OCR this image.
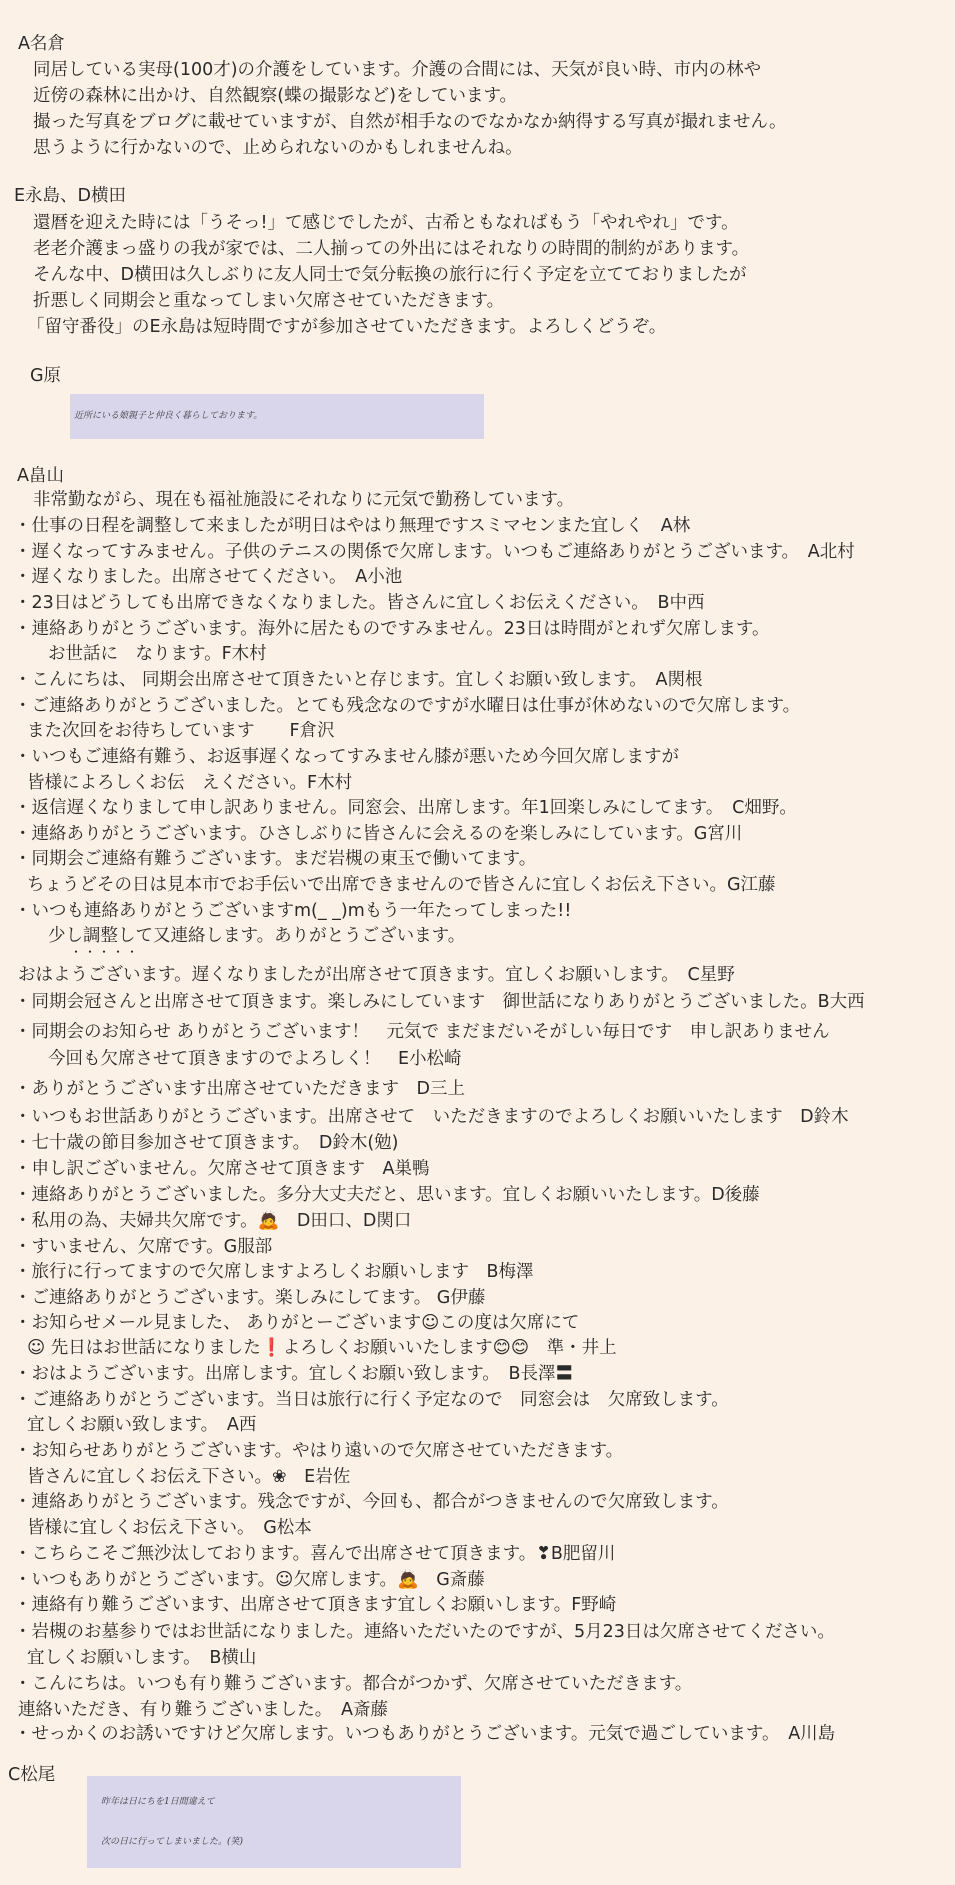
A名倉
同居している実母(100才)の介護をしています。介護の合間には、天気が良い時、市内の林や
近傍の森林に出かけ、自然観察(蝶の撮影など)をしています。
撮った写真をブログに載せていますが、自然が相手なのでなかなか納得する写真が撮れません。
思うように行かないので、止められないのかもしれませんね。
E永島、D横田
還暦を迎えた時には「うそっ!」て感じでしたが、古希ともなればもう「やれやれ」です。
老老介護まっ盛りの我が家では、二人揃っての外出にはそれなりの時間的制約があります。
そんな中、D横田は久しぶりに友人同士で気分転換の旅行に行く予定を立てておりましたが
折悪しく同期会と重なってしまい欠席させていただきます。
「留守番役」のE永島は短時間ですが参加させていただきます。よろしくどうぞ。
G原
近所にいる娘親子と仲良く暮らしております。
A畠山
非常勤ながら、現在も福祉施設にそれなりに元気で勤務しています。
・仕事の日程を調整して来ましたが明日はやはり無理ですスミマセンまた宜しく　A林
・遅くなってすみません。子供のテニスの関係で欠席します。いつもご連絡ありがとうございます。　A北村
・遅くなりました。出席させてください。　A小池
・23日はどうしても出席できなくなりました。皆さんに宜しくお伝えください。　B中西
・連絡ありがとうございます。海外に居たものですみません。23日は時間がとれず欠席します。
お世話に　なります。F木村
・こんにちは、 同期会出席させて頂きたいと存じます。宜しくお願い致します。　A関根
・ご連絡ありがとうございました。とても残念なのですが水曜日は仕事が休めないので欠席します。
また次回をお待ちしています　　F倉沢
・いつもご連絡有難う、お返事遅くなってすみません膝が悪いため今回欠席しますが
皆様によろしくお伝　えください。F木村
・返信遅くなりまして申し訳ありません。同窓会、出席します。年1回楽しみにしてます。　C畑野。
・連絡ありがとうございます。ひさしぶりに皆さんに会えるのを楽しみにしています。G宮川
・同期会ご連絡有難うございます。まだ岩槻の東玉で働いてます。
ちょうどその日は見本市でお手伝いで出席できませんので皆さんに宜しくお伝え下さい。G江藤
・いつも連絡ありがとうございますm(_ _)mもう一年たってしまった!!
少し調整して又連絡します。ありがとうございます。
・・・・・
おはようございます。遅くなりましたが出席させて頂きます。宜しくお願いします。　C星野
・同期会冠さんと出席させて頂きます。楽しみにしています　御世話になりありがとうございました。B大西
・同期会のお知らせ ありがとうございます！　元気で まだまだいそがしい毎日です　申し訳ありません
今回も欠席させて頂きますのでよろしく！　E小松崎
・ありがとうございます出席させていただきます　D三上
・いつもお世話ありがとうございます。出席させて　いただきますのでよろしくお願いいたします　D鈴木
・七十歳の節目参加させて頂きます。　D鈴木(勉)
・申し訳ございません。欠席させて頂きます　A巣鴨
・連絡ありがとうございました。多分大丈夫だと、思います。宜しくお願いいたします。D後藤
・私用の為、夫婦共欠席です。🙇　D田口、D関口
・すいません、欠席です。G服部
・旅行に行ってますので欠席しますよろしくお願いします　B梅澤
・ご連絡ありがとうございます。楽しみにしてます。 G伊藤
・お知らせメール見ました、 ありがとーございます☺この度は欠席にて
☺ 先日はお世話になりました❗よろしくお願いいたします😊😊　準・井上
・おはようございます。出席します。宜しくお願い致します。　B長澤〓
・ご連絡ありがとうございます。当日は旅行に行く予定なので　同窓会は　欠席致します。
宜しくお願い致します。　A西
・お知らせありがとうございます。やはり遠いので欠席させていただきます。
皆さんに宜しくお伝え下さい。❀　E岩佐
・連絡ありがとうございます。残念ですが、今回も、都合がつきませんので欠席致します。
皆様に宜しくお伝え下さい。　G松本
・こちらこそご無沙汰しております。喜んで出席させて頂きます。❣B肥留川
・いつもありがとうございます。☺欠席します。🙇　G斎藤
・連絡有り難うございます、出席させて頂きます宜しくお願いします。F野崎
・岩槻のお墓参りではお世話になりました。連絡いただいたのですが、5月23日は欠席させてください。
宜しくお願いします。　B横山
・こんにちは。いつも有り難うございます。都合がつかず、欠席させていただきます。
連絡いただき、有り難うございました。　A斎藤
・せっかくのお誘いですけど欠席します。いつもありがとうございます。元気で過ごしています。　A川島
C松尾
昨年は日にちを1日間違えて
次の日に行ってしまいました。(笑)
